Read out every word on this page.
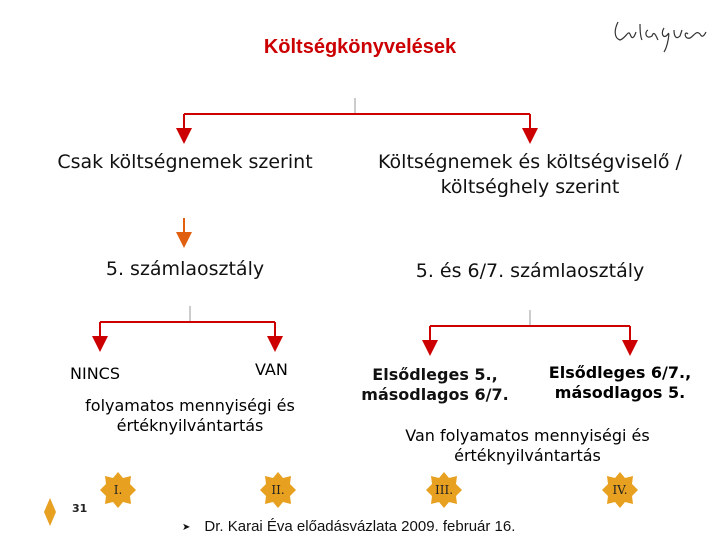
I.	II.	III.	IV.
Költségkönyvelések
Csak költségnemek szerint	Költségnemek és költségviselő / költséghely szerint
5. számlaosztály	5. és 6/7. számlaosztály
NINCS	VAN
folyamatos mennyiségi és értéknyilvántartás
Elsődleges 5., másodlagos 6/7.
Elsődleges 6/7., másodlagos 5.
Van folyamatos mennyiségi és értéknyilvántartás
31
➤ Dr. Karai Éva előadásvázlata 2009. február 16.
